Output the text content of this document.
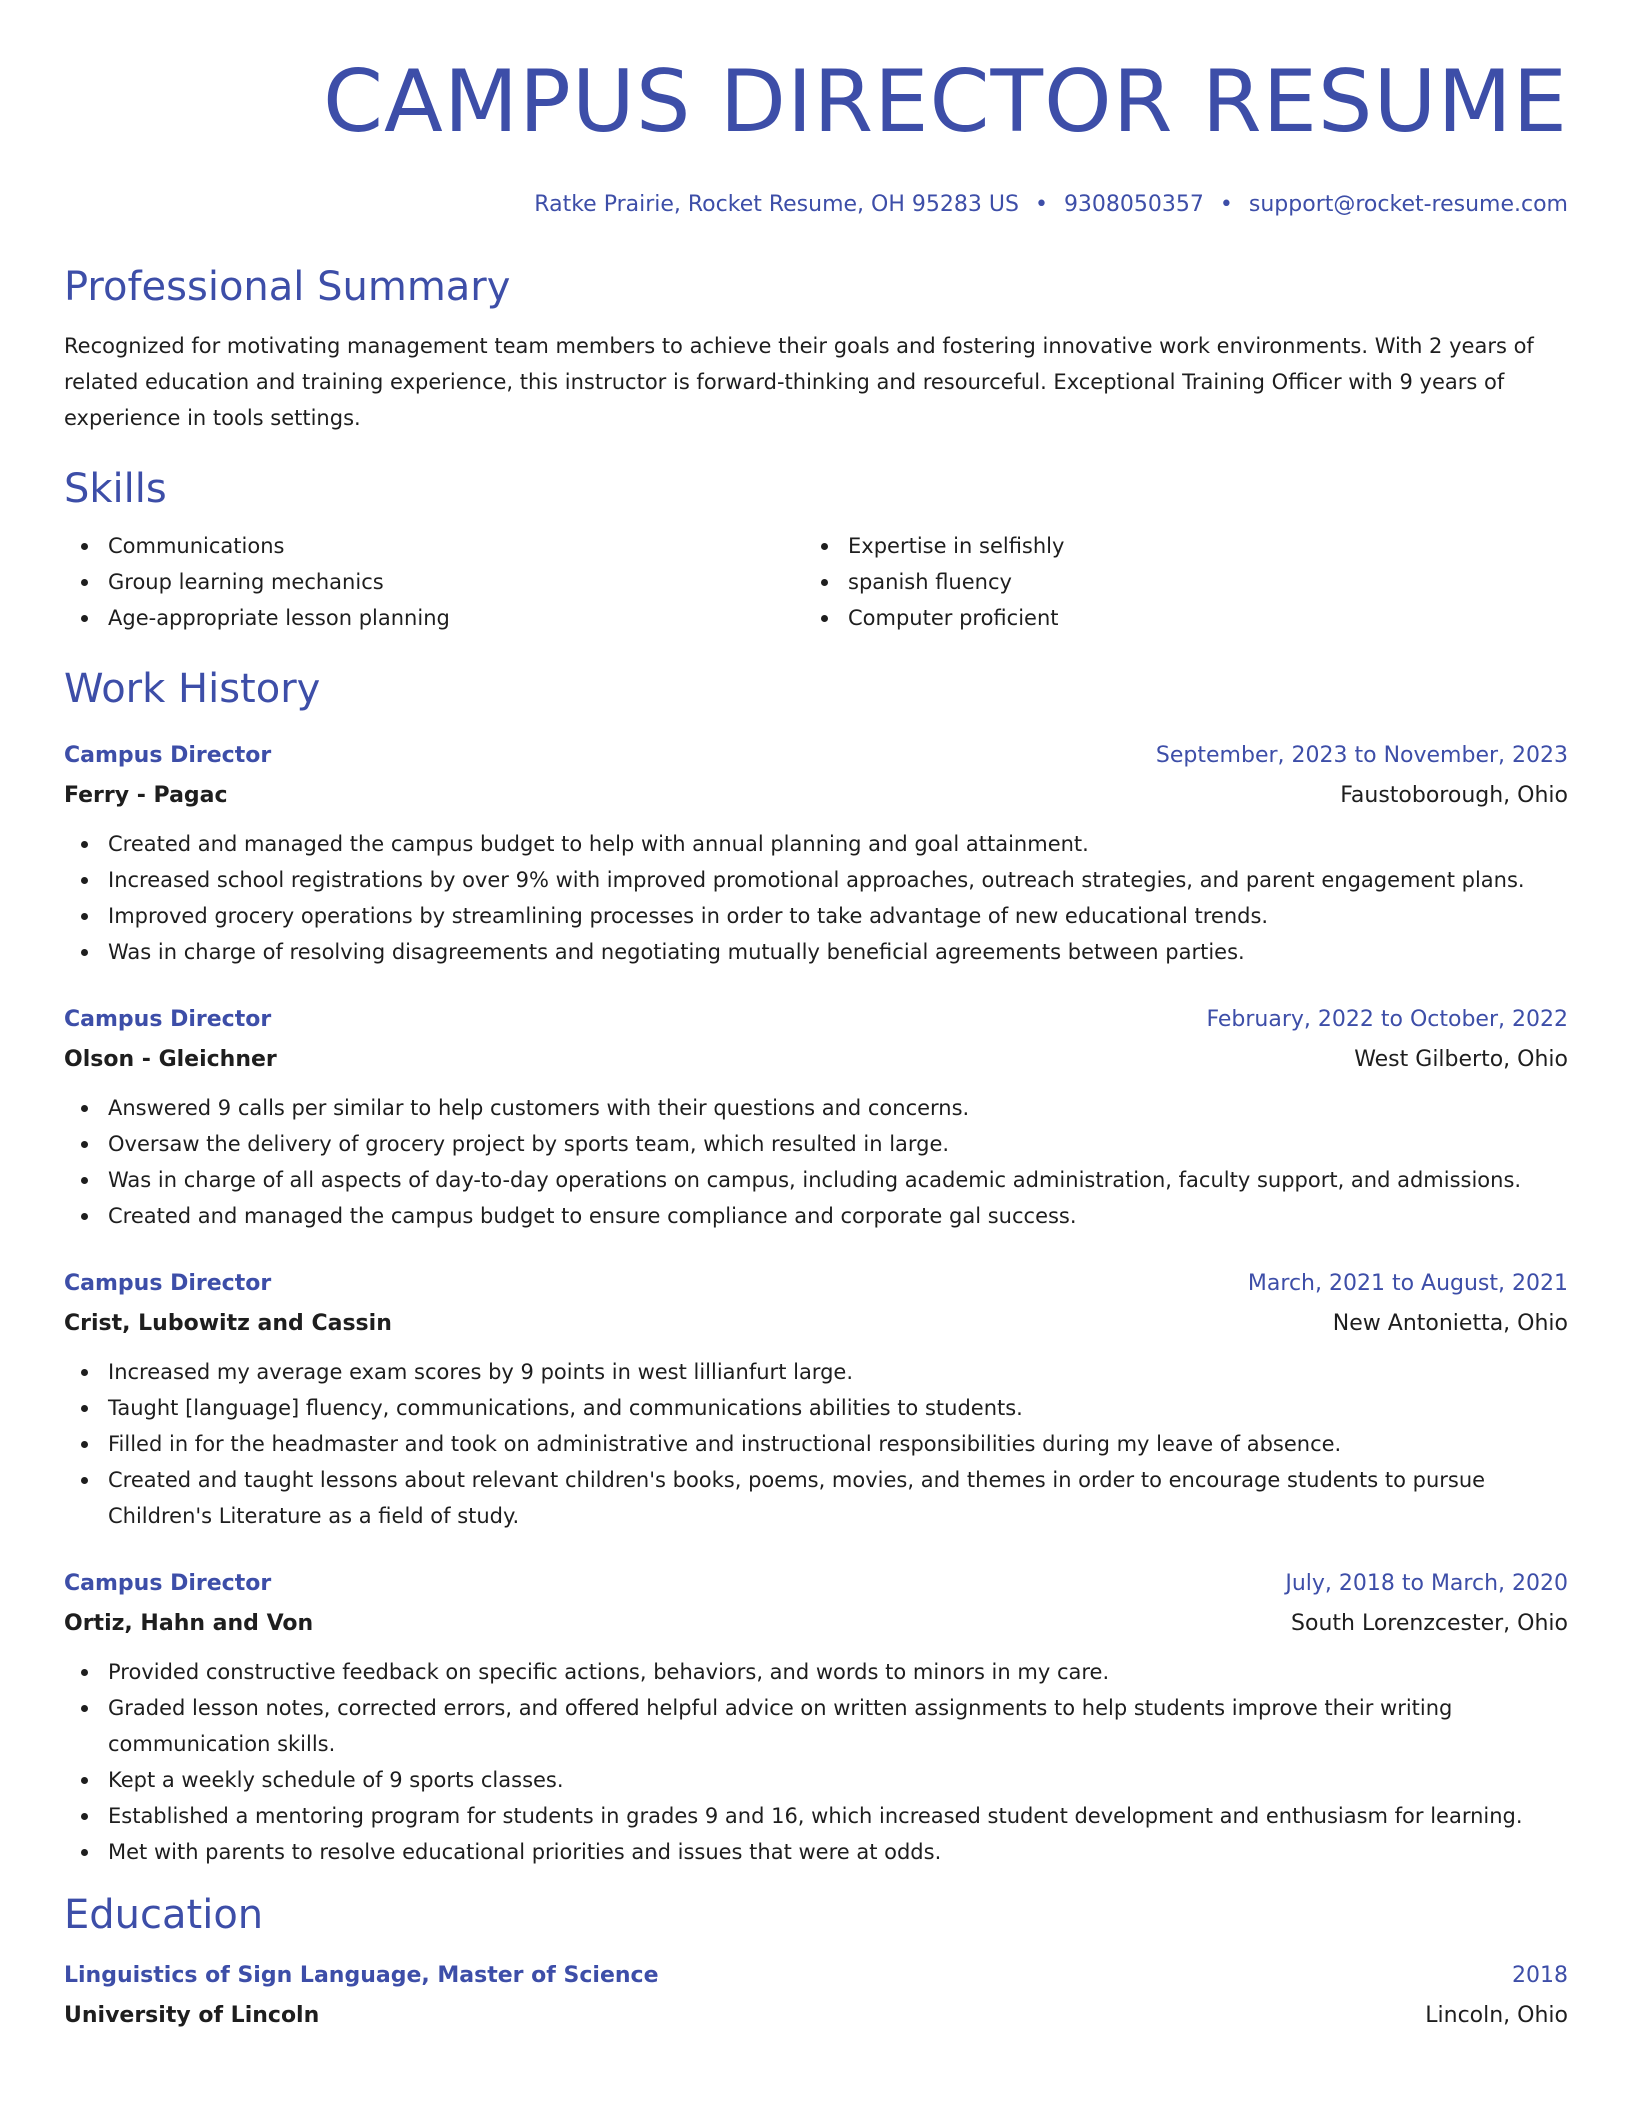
CAMPUS DIRECTOR RESUME
Ratke Prairie, Rocket Resume, OH 95283 US • 9308050357 • support@rocket-resume.com
Professional Summary
Recognized for motivating management team members to achieve their goals and fostering innovative work environments. With 2 years of related education and training experience, this instructor is forward-thinking and resourceful. Exceptional Training Officer with 9 years of experience in tools settings.
Skills
Communications
Group learning mechanics
Age-appropriate lesson planning
Expertise in selfishly
spanish fluency
Computer proficient
Work History
Campus Director	September, 2023 to November, 2023
Ferry - Pagac	Faustoborough, Ohio
Created and managed the campus budget to help with annual planning and goal attainment.
Increased school registrations by over 9% with improved promotional approaches, outreach strategies, and parent engagement plans.
Improved grocery operations by streamlining processes in order to take advantage of new educational trends.
Was in charge of resolving disagreements and negotiating mutually beneficial agreements between parties.
Campus Director	February, 2022 to October, 2022
Olson - Gleichner	West Gilberto, Ohio
Answered 9 calls per similar to help customers with their questions and concerns.
Oversaw the delivery of grocery project by sports team, which resulted in large.
Was in charge of all aspects of day-to-day operations on campus, including academic administration, faculty support, and admissions.
Created and managed the campus budget to ensure compliance and corporate gal success.
Campus Director	March, 2021 to August, 2021
Crist, Lubowitz and Cassin	New Antonietta, Ohio
Increased my average exam scores by 9 points in west lillianfurt large.
Taught [language] fluency, communications, and communications abilities to students.
Filled in for the headmaster and took on administrative and instructional responsibilities during my leave of absence.
Created and taught lessons about relevant children's books, poems, movies, and themes in order to encourage students to pursue Children's Literature as a field of study.
Campus Director	July, 2018 to March, 2020
Ortiz, Hahn and Von	South Lorenzcester, Ohio
Provided constructive feedback on specific actions, behaviors, and words to minors in my care.
Graded lesson notes, corrected errors, and offered helpful advice on written assignments to help students improve their writing communication skills.
Kept a weekly schedule of 9 sports classes.
Established a mentoring program for students in grades 9 and 16, which increased student development and enthusiasm for learning.
Met with parents to resolve educational priorities and issues that were at odds.
Education
Linguistics of Sign Language, Master of Science	2018
University of Lincoln	Lincoln, Ohio
